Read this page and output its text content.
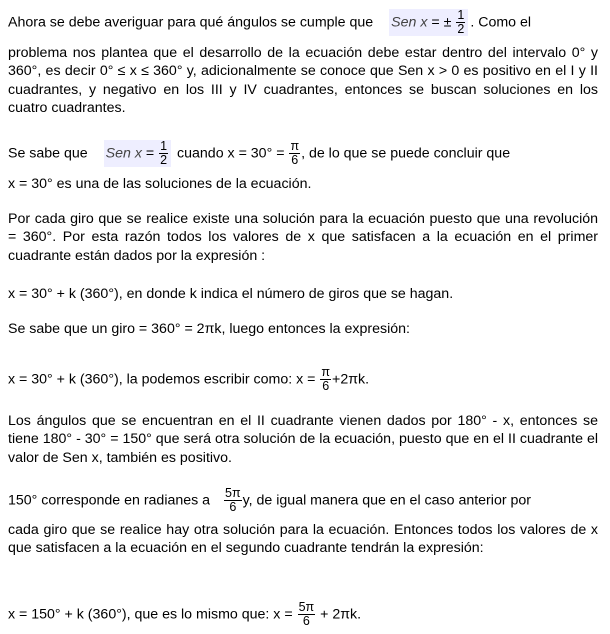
Ahora se debe averiguar para qué ángulos se cumple que Sen x = ± $\frac{1}{2}$ . Como el
problema nos plantea que el desarrollo de la ecuación debe estar dentro del intervalo 0° y 360°, es decir 0° ≤ x ≤ 360° y, adicionalmente se conoce que Sen x > 0 es positivo en el I y II cuadrantes, y negativo en los III y IV cuadrantes, entonces se buscan soluciones en los cuatro cuadrantes.
Se sabe que Sen $x = \frac{1}{2}$ cuando $x = 30^\circ = \frac{\pi}{6}$ , de lo que se puede concluir que
x = 30° es una de las soluciones de la ecuación.
Por cada giro que se realice existe una solución para la ecuación puesto que una revolución = 360°. Por esta razón todos los valores de x que satisfacen a la ecuación en el primer cuadrante están dados por la expresión :
x = 30° + k (360°), en donde k indica el número de giros que se hagan.
Se sabe que un giro = 360° = 2πk, luego entonces la expresión:
x = 30° + k (360°), la podemos escribir como: $x = \frac{\pi}{6} +2\pi k$.
Los ángulos que se encuentran en el II cuadrante vienen dados por 180° - x, entonces se tiene 180° - 30° = 150° que será otra solución de la ecuación, puesto que en el II cuadrante el valor de Sen x, también es positivo.
150° corresponde en radianes a $\frac{5\pi}{6} y$, de igual manera que en el caso anterior por
cada giro que se realice hay otra solución para la ecuación. Entonces todos los valores de x que satisfacen a la ecuación en el segundo cuadrante tendrán la expresión:
x = 150° + k (360°), que es lo mismo que: $x = \frac{5\pi}{6} + 2\pi k$.
